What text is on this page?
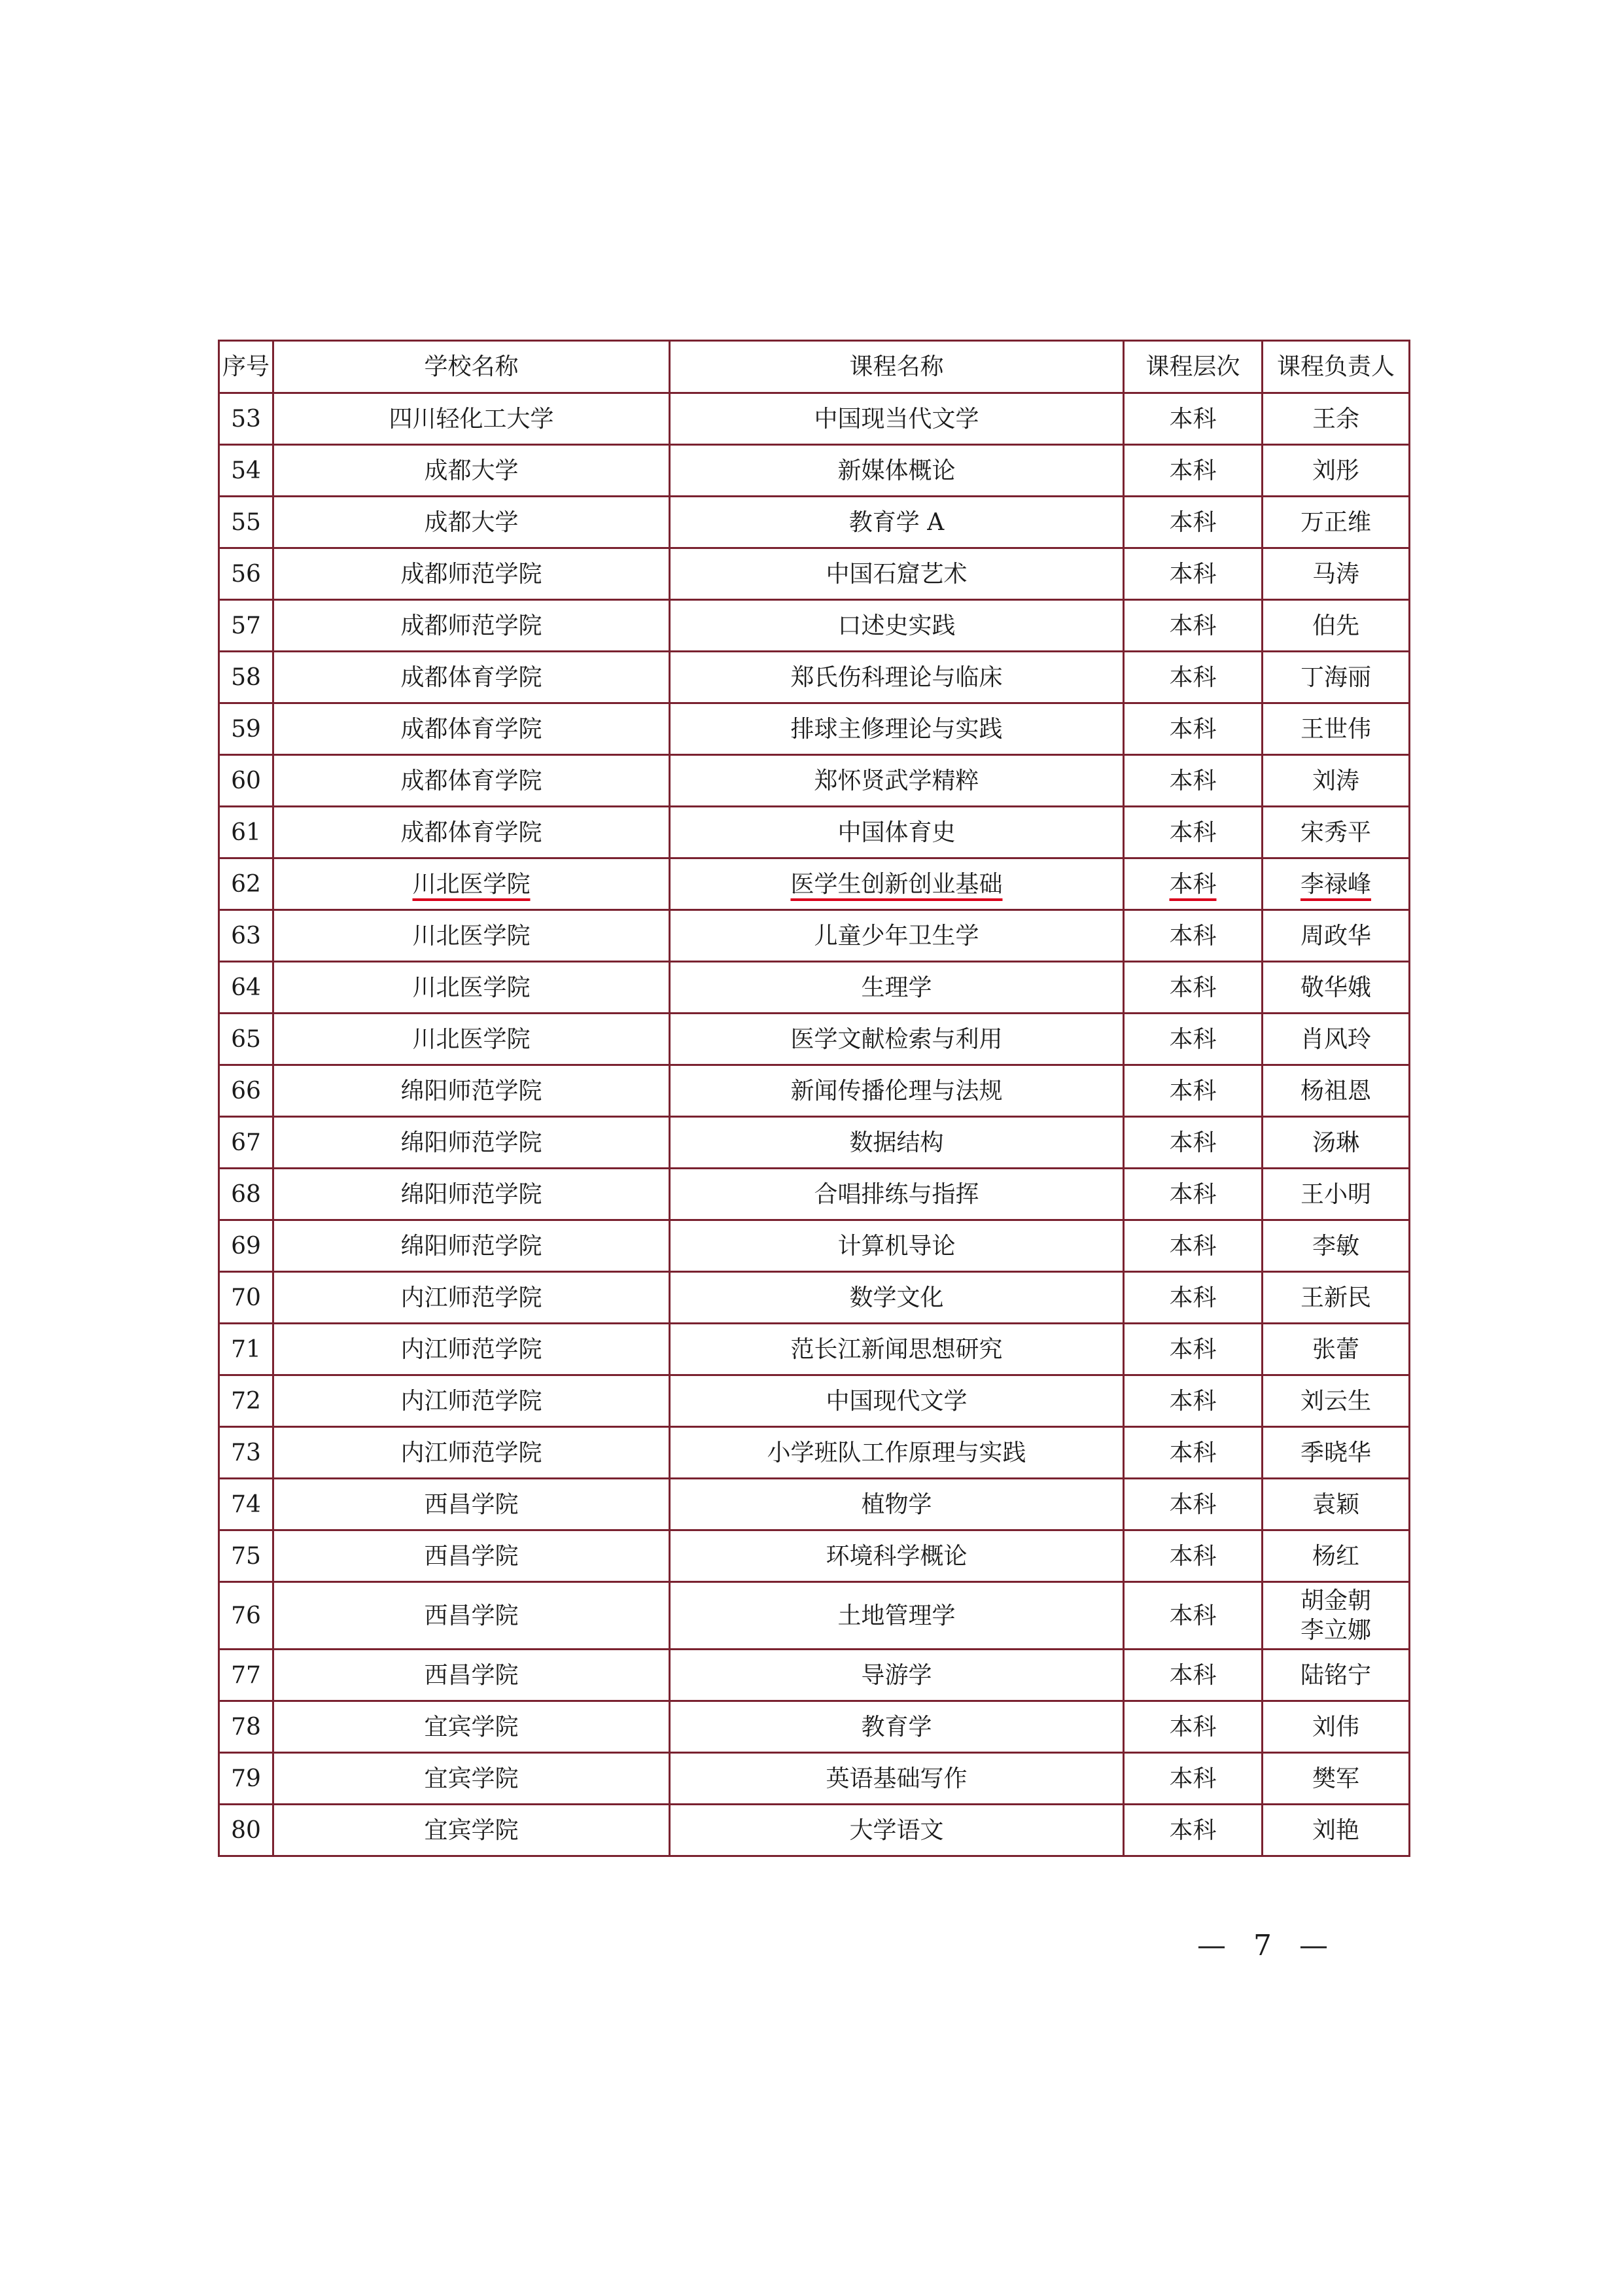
序号	学校名称	课程名称	课程层次	课程负责人
53	四川轻化工大学	中国现当代文学	本科	王余
54	成都大学	新媒体概论	本科	刘彤
55	成都大学	教育学 A	本科	万正维
56	成都师范学院	中国石窟艺术	本科	马涛
57	成都师范学院	口述史实践	本科	伯先
58	成都体育学院	郑氏伤科理论与临床	本科	丁海丽
59	成都体育学院	排球主修理论与实践	本科	王世伟
60	成都体育学院	郑怀贤武学精粹	本科	刘涛
61	成都体育学院	中国体育史	本科	宋秀平
62	川北医学院	医学生创新创业基础	本科	李禄峰
63	川北医学院	儿童少年卫生学	本科	周政华
64	川北医学院	生理学	本科	敬华娥
65	川北医学院	医学文献检索与利用	本科	肖风玲
66	绵阳师范学院	新闻传播伦理与法规	本科	杨祖恩
67	绵阳师范学院	数据结构	本科	汤琳
68	绵阳师范学院	合唱排练与指挥	本科	王小明
69	绵阳师范学院	计算机导论	本科	李敏
70	内江师范学院	数学文化	本科	王新民
71	内江师范学院	范长江新闻思想研究	本科	张蕾
72	内江师范学院	中国现代文学	本科	刘云生
73	内江师范学院	小学班队工作原理与实践	本科	季晓华
74	西昌学院	植物学	本科	袁颖
75	西昌学院	环境科学概论	本科	杨红
76	西昌学院	土地管理学	本科	胡金朝
李立娜

77	西昌学院	导游学	本科	陆铭宁
78	宜宾学院	教育学	本科	刘伟
79	宜宾学院	英语基础写作	本科	樊军
80	宜宾学院	大学语文	本科	刘艳
— 7 —
